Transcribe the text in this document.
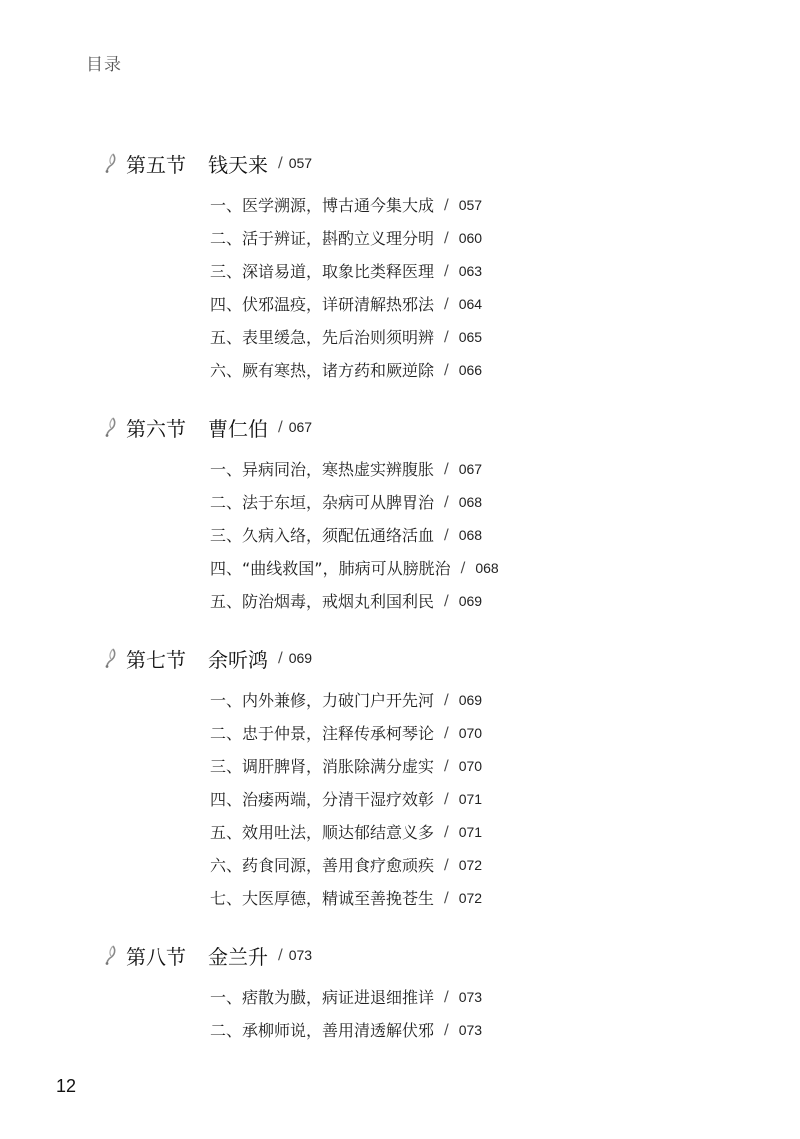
目录
第五节	钱天来 / 057
一、医学溯源，博古通今集大成 / 057
二、活于辨证，斟酌立义理分明 / 060
三、深谙易道，取象比类释医理 / 063
四、伏邪温疫，详研清解热邪法 / 064
五、表里缓急，先后治则须明辨 / 065
六、厥有寒热，诸方药和厥逆除 / 066
第六节	曹仁伯 / 067
一、异病同治，寒热虚实辨腹胀 / 067
二、法于东垣，杂病可从脾胃治 / 068
三、久病入络，须配伍通络活血 / 068
四、“曲线救国”，肺病可从膀胱治 / 068
五、防治烟毒，戒烟丸利国利民 / 069
第七节	余听鸿 / 069
一、内外兼修，力破门户开先河 / 069
二、忠于仲景，注释传承柯琴论 / 070
三、调肝脾肾，消胀除满分虚实 / 070
四、治痿两端，分清干湿疗效彰 / 071
五、效用吐法，顺达郁结意义多 / 071
六、药食同源，善用食疗愈顽疾 / 072
七、大医厚德，精诚至善挽苍生 / 072
第八节	金兰升 / 073
一、痞散为臌，病证进退细推详 / 073
二、承柳师说，善用清透解伏邪 / 073
12
